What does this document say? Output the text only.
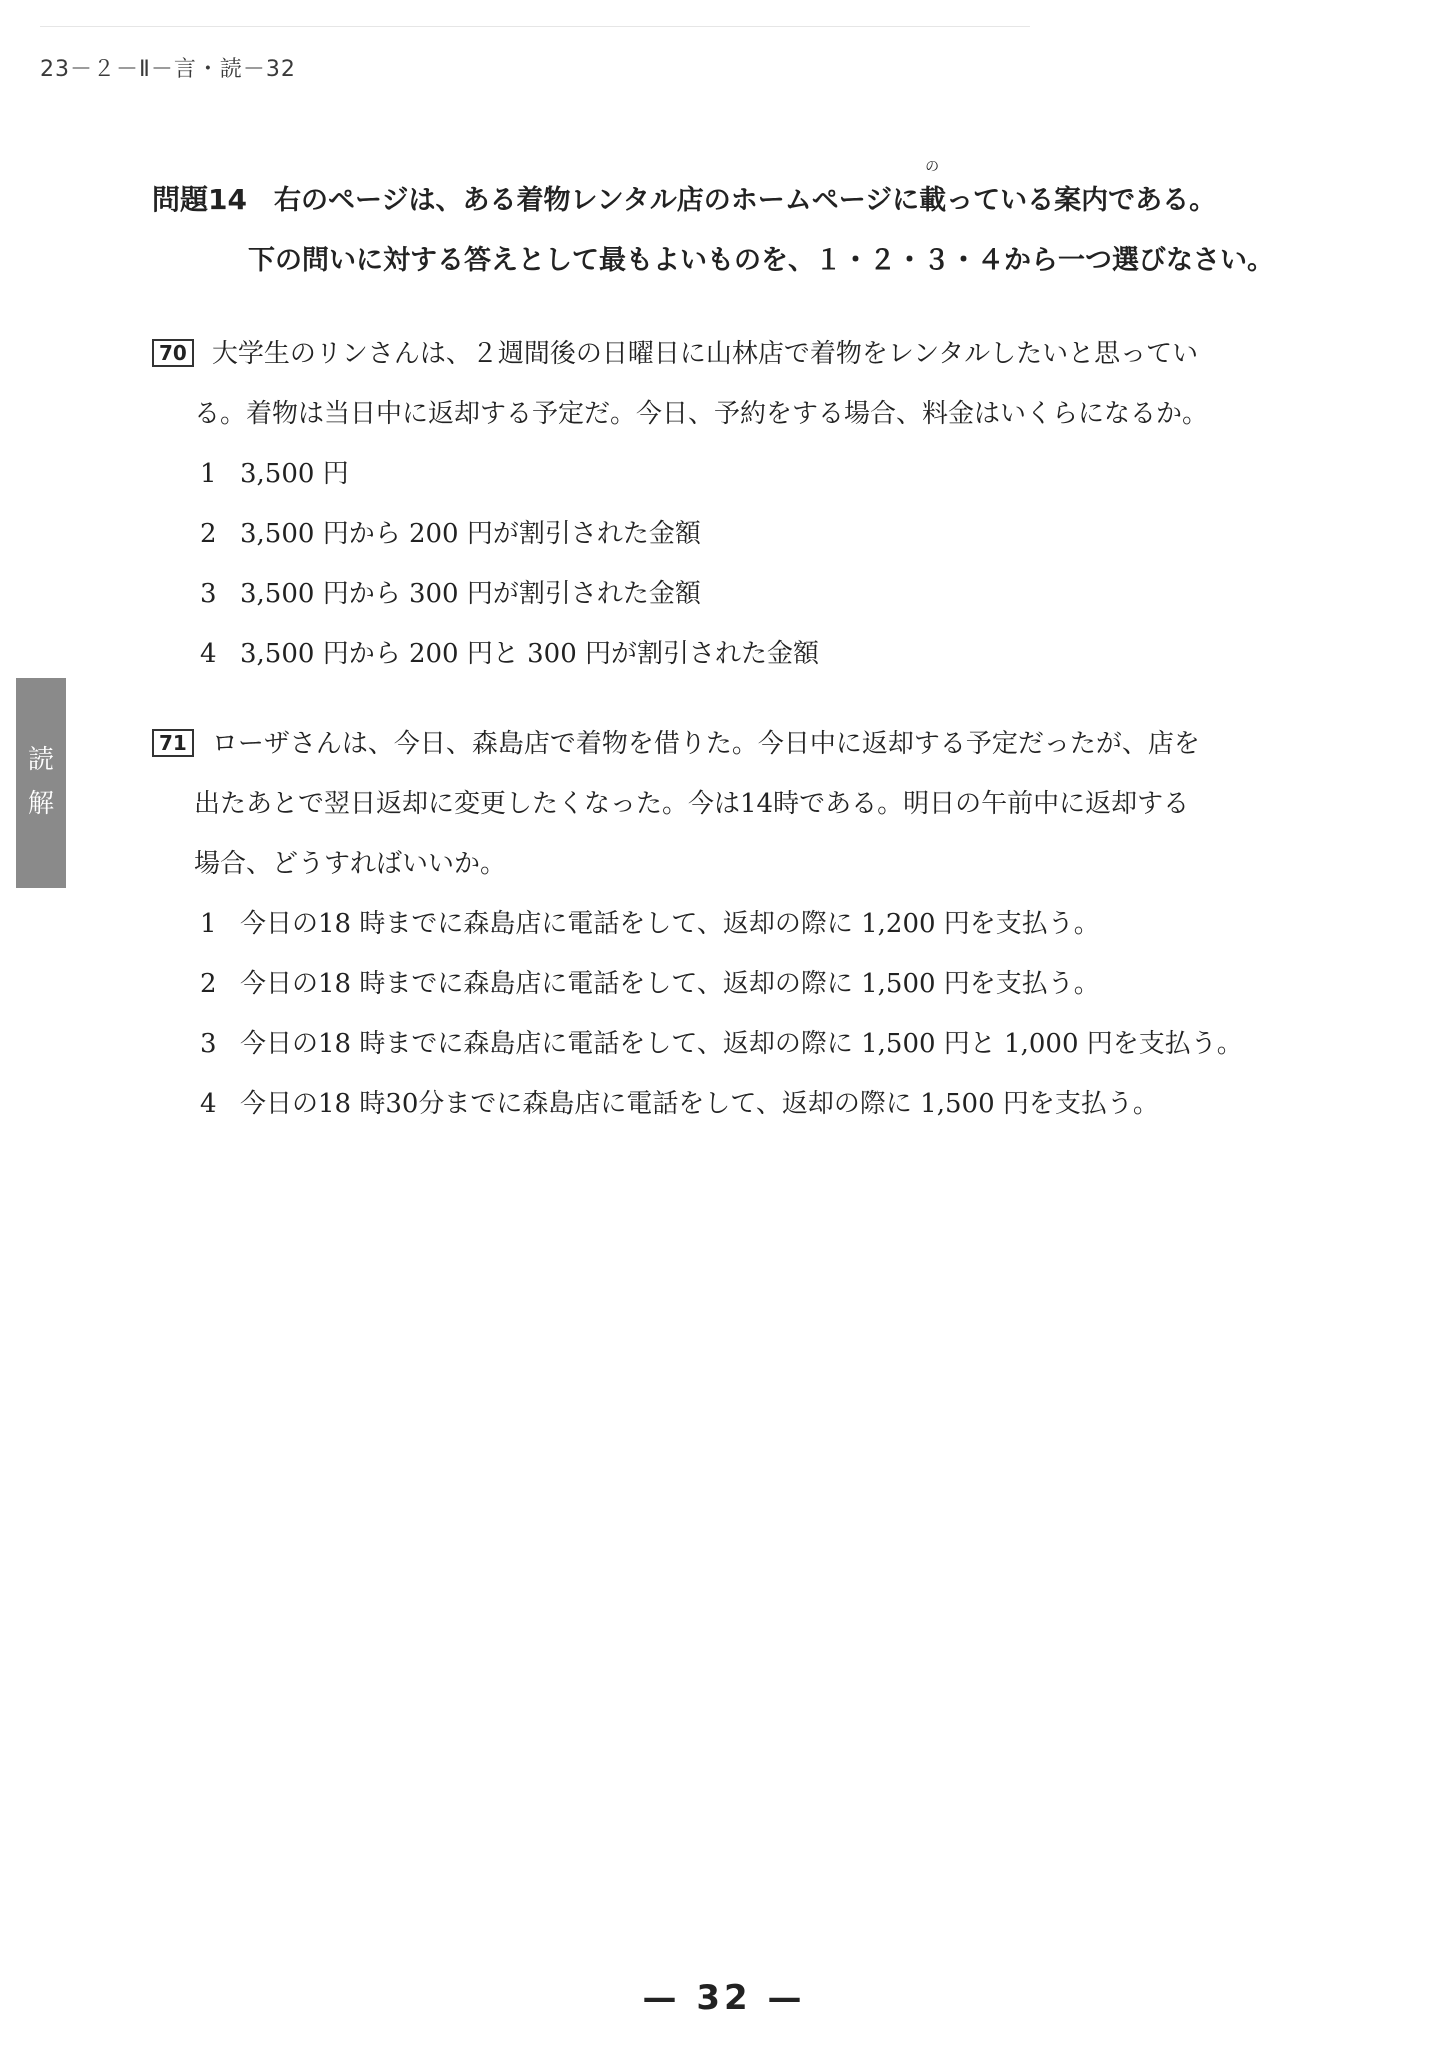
23－２－Ⅱ－言・読－32
問題14	右のページは、ある着物レンタル店のホームページに
の
載 っている案内である。
下の問いに対する答えとして最もよいものを、１・２・３・４から一つ選びなさい。
70 大学生のリンさんは、２週間後の日曜日に山林店で着物をレンタルしたいと思ってい
る。着物は当日中に返却する予定だ。今日、予約をする場合、料金はいくらになるか。
1 3,500 円
2 3,500 円から 200 円が割引された金額
3 3,500 円から 300 円が割引された金額
4 3,500 円から 200 円と 300 円が割引された金額
71 ローザさんは、今日、森島店で着物を借りた。今日中に返却する予定だったが、店を
出たあとで翌日返却に変更したくなった。今は14時である。明日の午前中に返却する
場合、どうすればいいか。
1 今日の18 時までに森島店に電話をして、返却の際に 1,200 円を支払う。
2 今日の18 時までに森島店に電話をして、返却の際に 1,500 円を支払う。
3 今日の18 時までに森島店に電話をして、返却の際に 1,500 円と 1,000 円を支払う。
4 今日の18 時30分までに森島店に電話をして、返却の際に 1,500 円を支払う。
読
解
— 32 —
